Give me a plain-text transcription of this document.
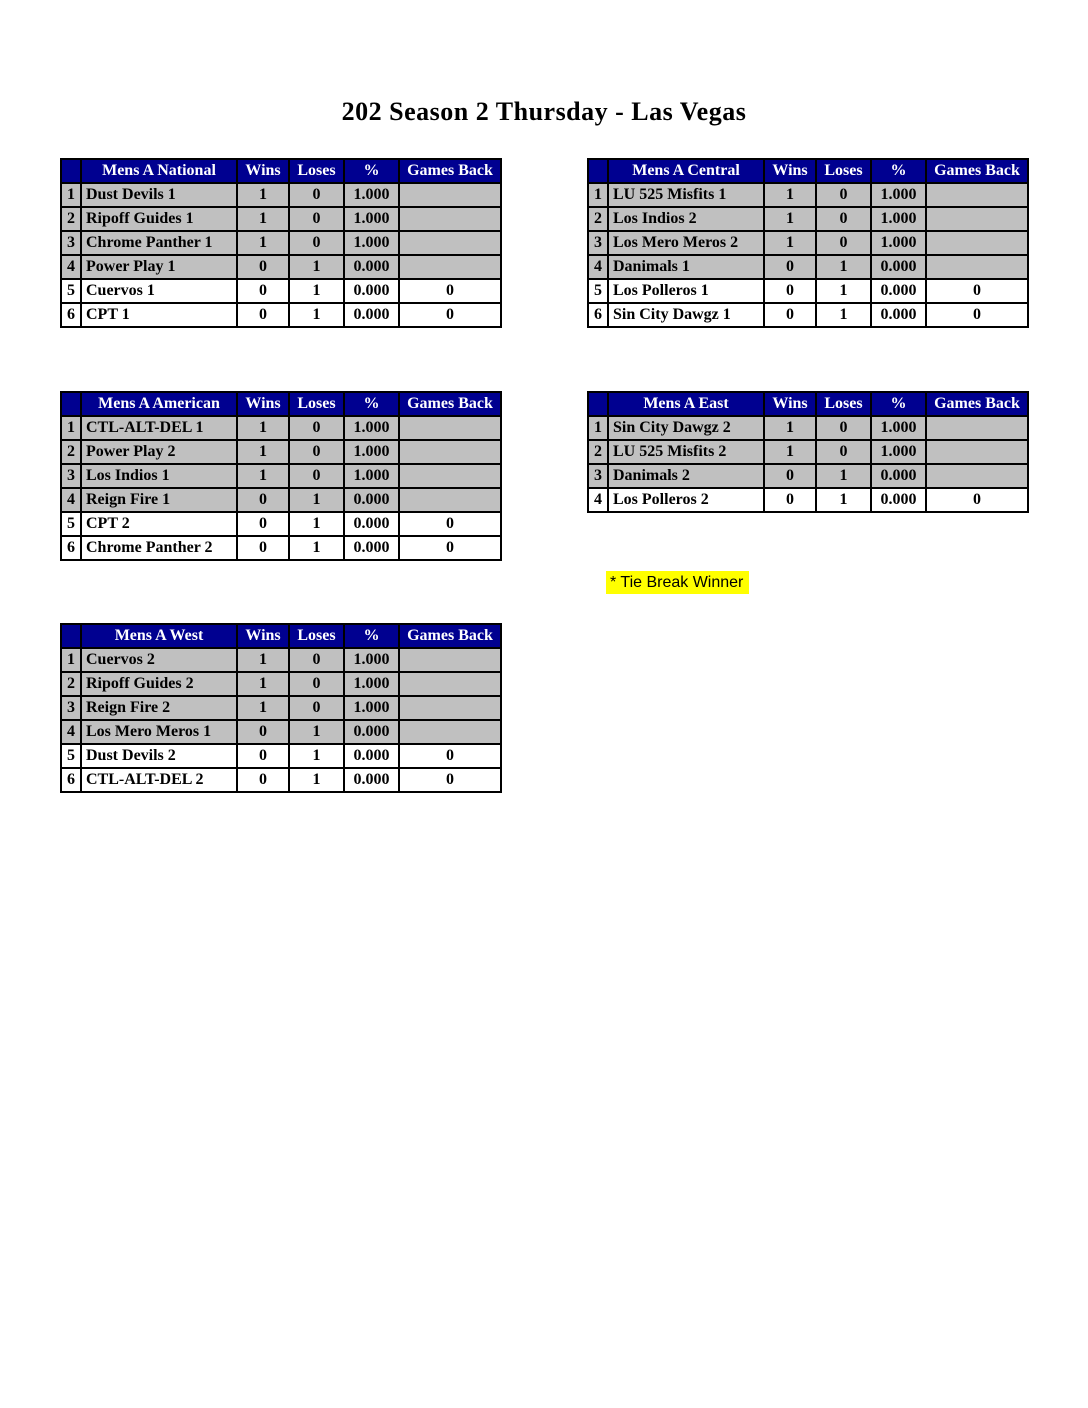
202 Season 2 Thursday - Las Vegas
	Mens A National	Wins	Loses	%	Games Back
1	Dust Devils 1	1	0	1.000	
2	Ripoff Guides 1	1	0	1.000	
3	Chrome Panther 1	1	0	1.000	
4	Power Play 1	0	1	0.000	
5	Cuervos 1	0	1	0.000	0
6	CPT 1	0	1	0.000	0
	Mens A Central	Wins	Loses	%	Games Back
1	LU 525 Misfits 1	1	0	1.000	
2	Los Indios 2	1	0	1.000	
3	Los Mero Meros 2	1	0	1.000	
4	Danimals 1	0	1	0.000	
5	Los Polleros 1	0	1	0.000	0
6	Sin City Dawgz 1	0	1	0.000	0
	Mens A American	Wins	Loses	%	Games Back
1	CTL-ALT-DEL 1	1	0	1.000	
2	Power Play 2	1	0	1.000	
3	Los Indios 1	1	0	1.000	
4	Reign Fire 1	0	1	0.000	
5	CPT 2	0	1	0.000	0
6	Chrome Panther 2	0	1	0.000	0
	Mens A East	Wins	Loses	%	Games Back
1	Sin City Dawgz 2	1	0	1.000	
2	LU 525 Misfits 2	1	0	1.000	
3	Danimals 2	0	1	0.000	
4	Los Polleros 2	0	1	0.000	0
	Mens A West	Wins	Loses	%	Games Back
1	Cuervos 2	1	0	1.000	
2	Ripoff Guides 2	1	0	1.000	
3	Reign Fire 2	1	0	1.000	
4	Los Mero Meros 1	0	1	0.000	
5	Dust Devils 2	0	1	0.000	0
6	CTL-ALT-DEL 2	0	1	0.000	0
* Tie Break Winner
